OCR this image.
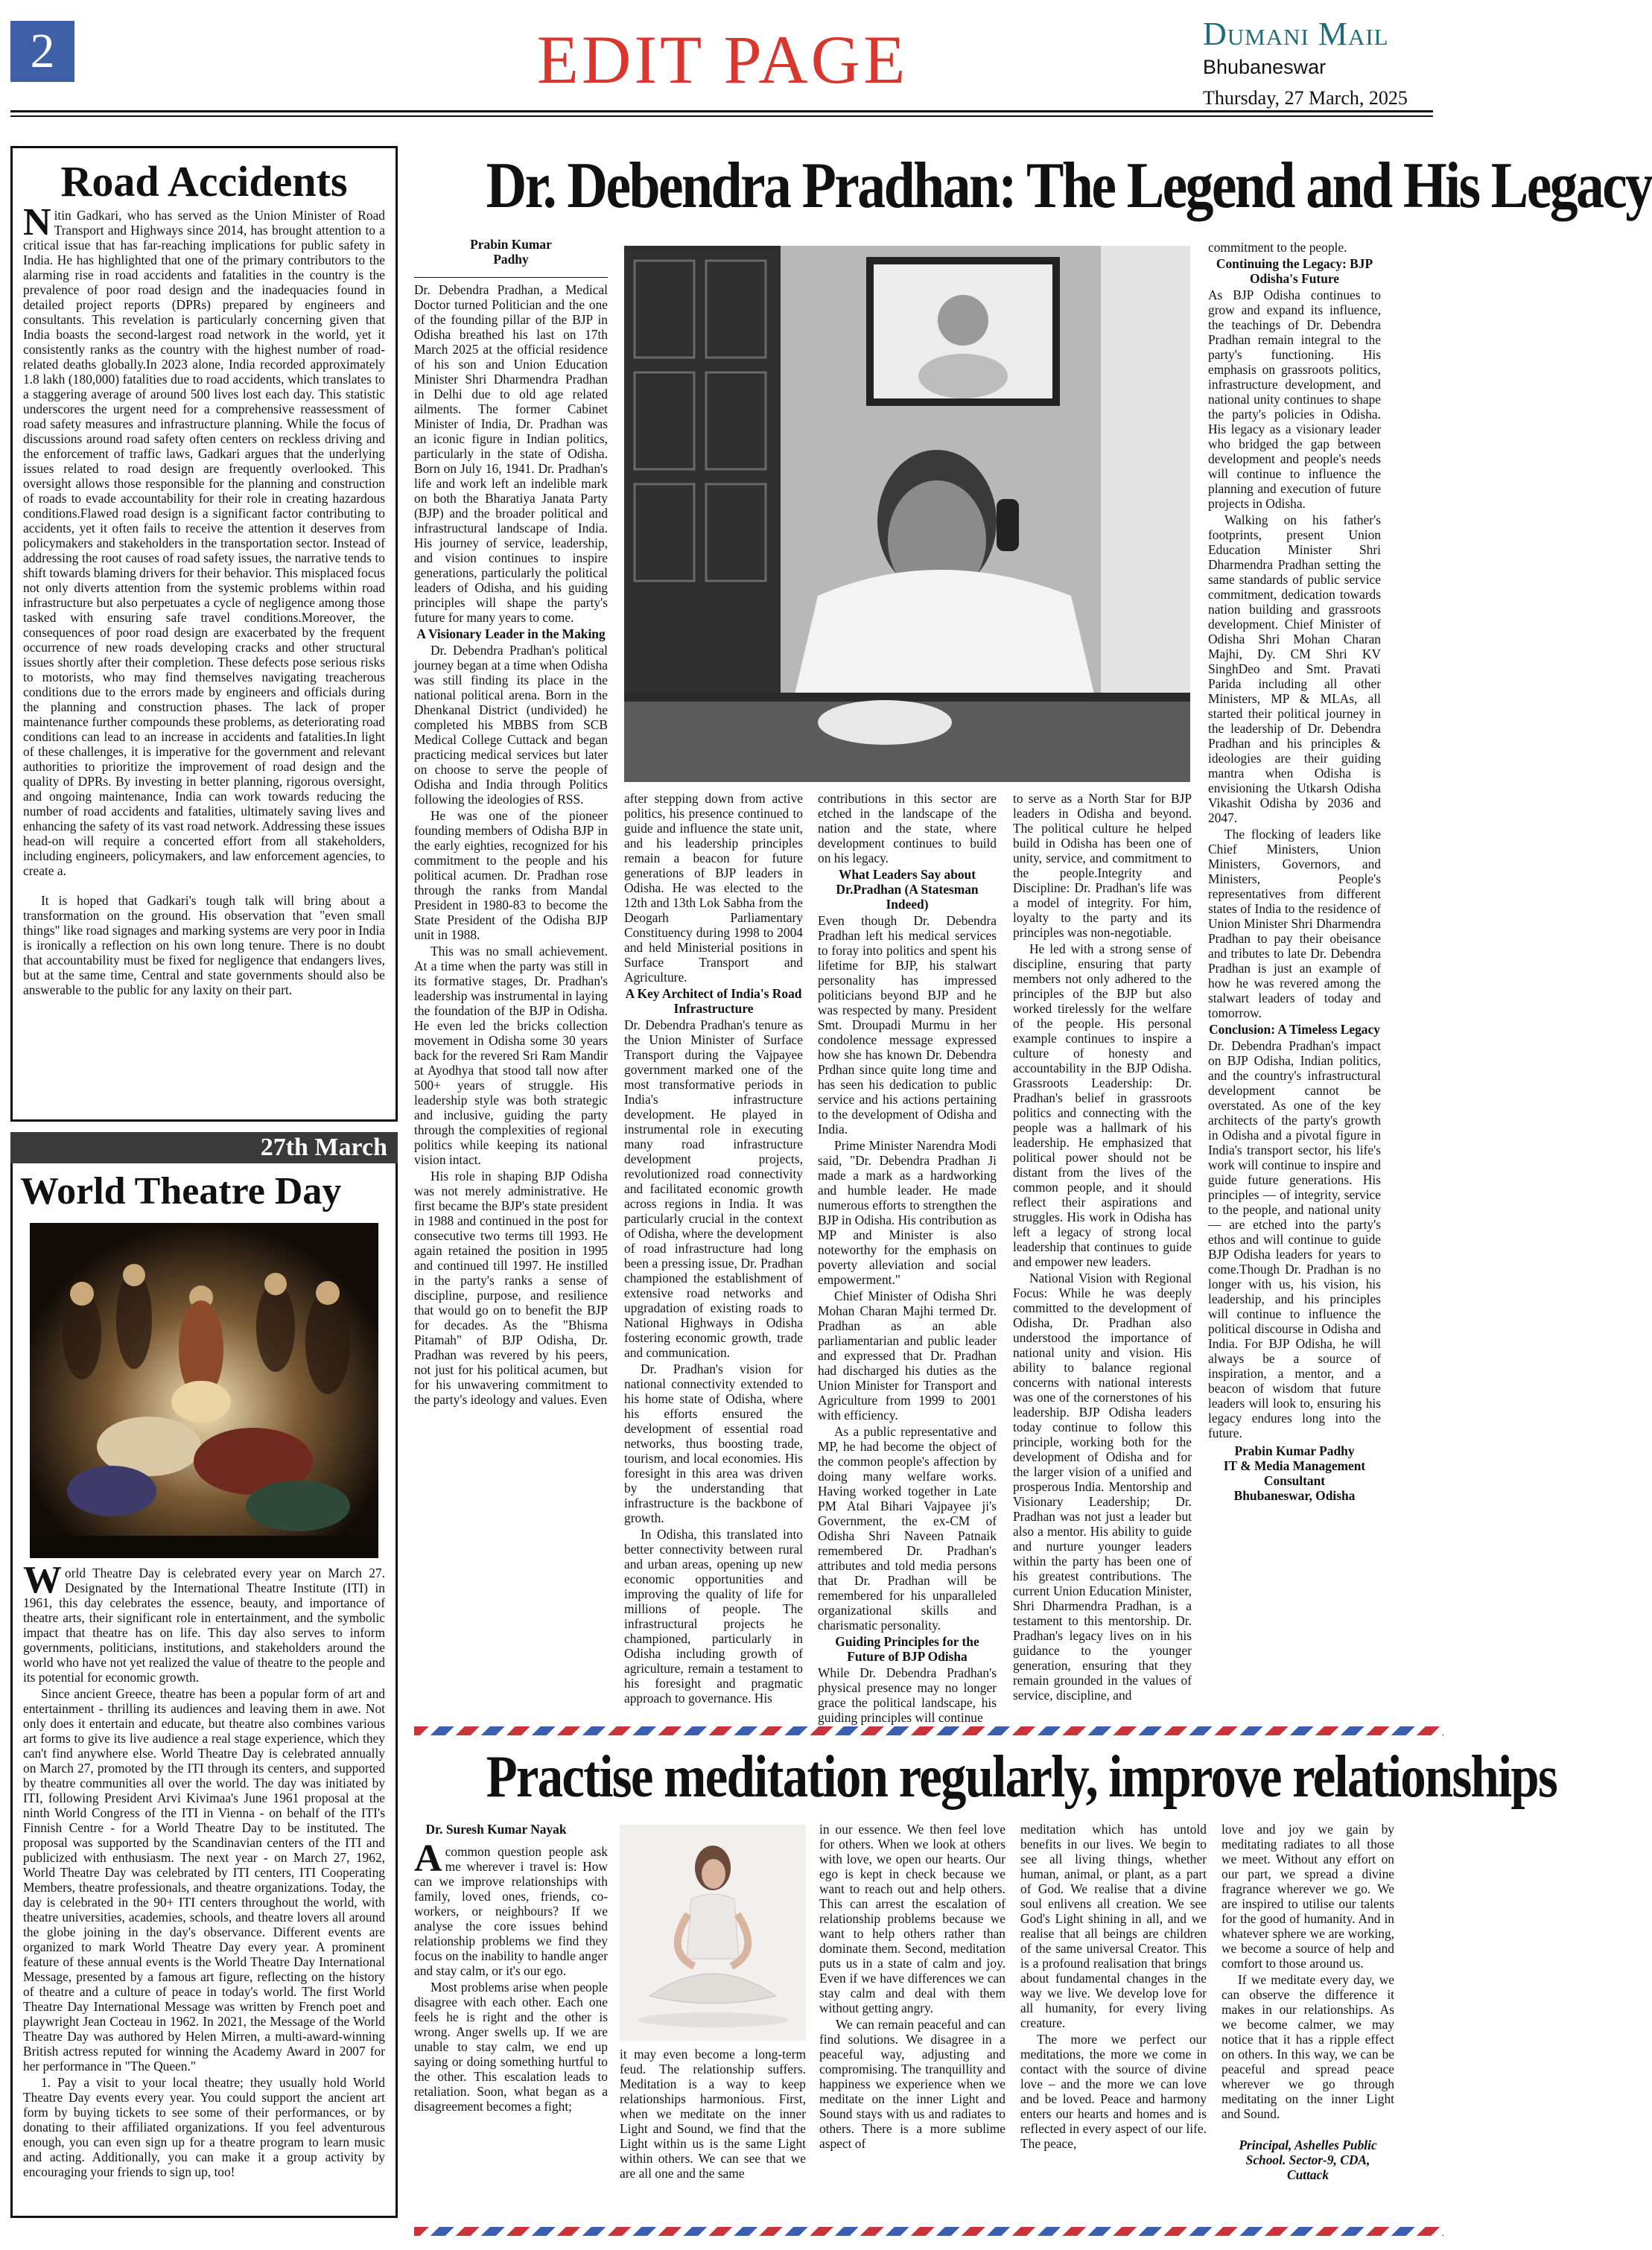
2	EDIT PAGE	Dumani Mail
Bhubaneswar
Thursday, 27 March, 2025
Road Accidents

Nitin Gadkari, who has served as the Union Minister of Road Transport and Highways since 2014, has brought attention to a critical issue that has far-reaching implications for public safety in India. He has highlighted that one of the primary contributors to the alarming rise in road accidents and fatalities in the country is the prevalence of poor road design and the inadequacies found in detailed project reports (DPRs) prepared by engineers and consultants. This revelation is particularly concerning given that India boasts the second-largest road network in the world, yet it consistently ranks as the country with the highest number of road-related deaths globally.In 2023 alone, India recorded approximately 1.8 lakh (180,000) fatalities due to road accidents, which translates to a staggering average of around 500 lives lost each day. This statistic underscores the urgent need for a comprehensive reassessment of road safety measures and infrastructure planning. While the focus of discussions around road safety often centers on reckless driving and the enforcement of traffic laws, Gadkari argues that the underlying issues related to road design are frequently overlooked. This oversight allows those responsible for the planning and construction of roads to evade accountability for their role in creating hazardous conditions.Flawed road design is a significant factor contributing to accidents, yet it often fails to receive the attention it deserves from policymakers and stakeholders in the transportation sector. Instead of addressing the root causes of road safety issues, the narrative tends to shift towards blaming drivers for their behavior. This misplaced focus not only diverts attention from the systemic problems within road infrastructure but also perpetuates a cycle of negligence among those tasked with ensuring safe travel conditions.Moreover, the consequences of poor road design are exacerbated by the frequent occurrence of new roads developing cracks and other structural issues shortly after their completion. These defects pose serious risks to motorists, who may find themselves navigating treacherous conditions due to the errors made by engineers and officials during the planning and construction phases. The lack of proper maintenance further compounds these problems, as deteriorating road conditions can lead to an increase in accidents and fatalities.In light of these challenges, it is imperative for the government and relevant authorities to prioritize the improvement of road design and the quality of DPRs. By investing in better planning, rigorous oversight, and ongoing maintenance, India can work towards reducing the number of road accidents and fatalities, ultimately saving lives and enhancing the safety of its vast road network. Addressing these issues head-on will require a concerted effort from all stakeholders, including engineers, policymakers, and law enforcement agencies, to create a.

It is hoped that Gadkari's tough talk will bring about a transformation on the ground. His observation that "even small things" like road signages and marking systems are very poor in India is ironically a reflection on his own long tenure. There is no doubt that accountability must be fixed for negligence that endangers lives, but at the same time, Central and state governments should also be answerable to the public for any laxity on their part.

27th March
World Theatre Day

World Theatre Day is celebrated every year on March 27. Designated by the International Theatre Institute (ITI) in 1961, this day celebrates the essence, beauty, and importance of theatre arts, their significant role in entertainment, and the symbolic impact that theatre has on life. This day also serves to inform governments, politicians, institutions, and stakeholders around the world who have not yet realized the value of theatre to the people and its potential for economic growth.

Since ancient Greece, theatre has been a popular form of art and entertainment - thrilling its audiences and leaving them in awe. Not only does it entertain and educate, but theatre also combines various art forms to give its live audience a real stage experience, which they can't find anywhere else. World Theatre Day is celebrated annually on March 27, promoted by the ITI through its centers, and supported by theatre communities all over the world. The day was initiated by ITI, following President Arvi Kivimaa's June 1961 proposal at the ninth World Congress of the ITI in Vienna - on behalf of the ITI's Finnish Centre - for a World Theatre Day to be instituted. The proposal was supported by the Scandinavian centers of the ITI and publicized with enthusiasm. The next year - on March 27, 1962, World Theatre Day was celebrated by ITI centers, ITI Cooperating Members, theatre professionals, and theatre organizations. Today, the day is celebrated in the 90+ ITI centers throughout the world, with theatre universities, academies, schools, and theatre lovers all around the globe joining in the day's observance. Different events are organized to mark World Theatre Day every year. A prominent feature of these annual events is the World Theatre Day International Message, presented by a famous art figure, reflecting on the history of theatre and a culture of peace in today's world. The first World Theatre Day International Message was written by French poet and playwright Jean Cocteau in 1962. In 2021, the Message of the World Theatre Day was authored by Helen Mirren, a multi-award-winning British actress reputed for winning the Academy Award in 2007 for her performance in "The Queen."

1. Pay a visit to your local theatre; they usually hold World Theatre Day events every year. You could support the ancient art form by buying tickets to see some of their performances, or by donating to their affiliated organizations. If you feel adventurous enough, you can even sign up for a theatre program to learn music and acting. Additionally, you can make it a group activity by encouraging your friends to sign up, too!

Dr. Debendra Pradhan: The Legend and His Legacy
Prabin Kumar
Padhy

Dr. Debendra Pradhan, a Medical Doctor turned Politician and the one of the founding pillar of the BJP in Odisha breathed his last on 17th March 2025 at the official residence of his son and Union Education Minister Shri Dharmendra Pradhan in Delhi due to old age related ailments. The former Cabinet Minister of India, Dr. Pradhan was an iconic figure in Indian politics, particularly in the state of Odisha. Born on July 16, 1941. Dr. Pradhan's life and work left an indelible mark on both the Bharatiya Janata Party (BJP) and the broader political and infrastructural landscape of India. His journey of service, leadership, and vision continues to inspire generations, particularly the political leaders of Odisha, and his guiding principles will shape the party's future for many years to come.

A Visionary Leader in the Making

Dr. Debendra Pradhan's political journey began at a time when Odisha was still finding its place in the national political arena. Born in the Dhenkanal District (undivided) he completed his MBBS from SCB Medical College Cuttack and began practicing medical services but later on choose to serve the people of Odisha and India through Politics following the ideologies of RSS.

He was one of the pioneer founding members of Odisha BJP in the early eighties, recognized for his commitment to the people and his political acumen. Dr. Pradhan rose through the ranks from Mandal President in 1980-83 to become the State President of the Odisha BJP unit in 1988.

This was no small achievement. At a time when the party was still in its formative stages, Dr. Pradhan's leadership was instrumental in laying the foundation of the BJP in Odisha. He even led the bricks collection movement in Odisha some 30 years back for the revered Sri Ram Mandir at Ayodhya that stood tall now after 500+ years of struggle. His leadership style was both strategic and inclusive, guiding the party through the complexities of regional politics while keeping its national vision intact.

His role in shaping BJP Odisha was not merely administrative. He first became the BJP's state president in 1988 and continued in the post for consecutive two terms till 1993. He again retained the position in 1995 and continued till 1997. He instilled in the party's ranks a sense of discipline, purpose, and resilience that would go on to benefit the BJP for decades. As the "Bhisma Pitamah" of BJP Odisha, Dr. Pradhan was revered by his peers, not just for his political acumen, but for his unwavering commitment to the party's ideology and values. Even

after stepping down from active politics, his presence continued to guide and influence the state unit, and his leadership principles remain a beacon for future generations of BJP leaders in Odisha. He was elected to the 12th and 13th Lok Sabha from the Deogarh Parliamentary Constituency during 1998 to 2004 and held Ministerial positions in Surface Transport and Agriculture.

A Key Architect of India's Road Infrastructure

Dr. Debendra Pradhan's tenure as the Union Minister of Surface Transport during the Vajpayee government marked one of the most transformative periods in India's infrastructure development. He played in instrumental role in executing many road infrastructure development projects, revolutionized road connectivity and facilitated economic growth across regions in India. It was particularly crucial in the context of Odisha, where the development of road infrastructure had long been a pressing issue, Dr. Pradhan championed the establishment of extensive road networks and upgradation of existing roads to National Highways in Odisha fostering economic growth, trade and communication.

Dr. Pradhan's vision for national connectivity extended to his home state of Odisha, where his efforts ensured the development of essential road networks, thus boosting trade, tourism, and local economies. His foresight in this area was driven by the understanding that infrastructure is the backbone of growth.

In Odisha, this translated into better connectivity between rural and urban areas, opening up new economic opportunities and improving the quality of life for millions of people. The infrastructural projects he championed, particularly in Odisha including growth of agriculture, remain a testament to his foresight and pragmatic approach to governance. His

contributions in this sector are etched in the landscape of the nation and the state, where development continues to build on his legacy.

What Leaders Say about Dr.Pradhan (A Statesman Indeed)

Even though Dr. Debendra Pradhan left his medical services to foray into politics and spent his lifetime for BJP, his stalwart personality has impressed politicians beyond BJP and he was respected by many. President Smt. Droupadi Murmu in her condolence message expressed how she has known Dr. Debendra Prdhan since quite long time and has seen his dedication to public service and his actions pertaining to the development of Odisha and India.

Prime Minister Narendra Modi said, "Dr. Debendra Pradhan Ji made a mark as a hardworking and humble leader. He made numerous efforts to strengthen the BJP in Odisha. His contribution as MP and Minister is also noteworthy for the emphasis on poverty alleviation and social empowerment."

Chief Minister of Odisha Shri Mohan Charan Majhi termed Dr. Pradhan as an able parliamentarian and public leader and expressed that Dr. Pradhan had discharged his duties as the Union Minister for Transport and Agriculture from 1999 to 2001 with efficiency.

As a public representative and MP, he had become the object of the common people's affection by doing many welfare works. Having worked together in Late PM Atal Bihari Vajpayee ji's Government, the ex-CM of Odisha Shri Naveen Patnaik remembered Dr. Pradhan's attributes and told media persons that Dr. Pradhan will be remembered for his unparalleled organizational skills and charismatic personality.

Guiding Principles for the Future of BJP Odisha

While Dr. Debendra Pradhan's physical presence may no longer grace the political landscape, his guiding principles will continue

to serve as a North Star for BJP leaders in Odisha and beyond. The political culture he helped build in Odisha has been one of unity, service, and commitment to the people.Integrity and Discipline: Dr. Pradhan's life was a model of integrity. For him, loyalty to the party and its principles was non-negotiable.

He led with a strong sense of discipline, ensuring that party members not only adhered to the principles of the BJP but also worked tirelessly for the welfare of the people. His personal example continues to inspire a culture of honesty and accountability in the BJP Odisha. Grassroots Leadership: Dr. Pradhan's belief in grassroots politics and connecting with the people was a hallmark of his leadership. He emphasized that political power should not be distant from the lives of the common people, and it should reflect their aspirations and struggles. His work in Odisha has left a legacy of strong local leadership that continues to guide and empower new leaders.

National Vision with Regional Focus: While he was deeply committed to the development of Odisha, Dr. Pradhan also understood the importance of national unity and vision. His ability to balance regional concerns with national interests was one of the cornerstones of his leadership. BJP Odisha leaders today continue to follow this principle, working both for the development of Odisha and for the larger vision of a unified and prosperous India. Mentorship and Visionary Leadership; Dr. Pradhan was not just a leader but also a mentor. His ability to guide and nurture younger leaders within the party has been one of his greatest contributions. The current Union Education Minister, Shri Dharmendra Pradhan, is a testament to this mentorship. Dr. Pradhan's legacy lives on in his guidance to the younger generation, ensuring that they remain grounded in the values of service, discipline, and

commitment to the people.

Continuing the Legacy: BJP Odisha's Future

As BJP Odisha continues to grow and expand its influence, the teachings of Dr. Debendra Pradhan remain integral to the party's functioning. His emphasis on grassroots politics, infrastructure development, and national unity continues to shape the party's policies in Odisha. His legacy as a visionary leader who bridged the gap between development and people's needs will continue to influence the planning and execution of future projects in Odisha.

Walking on his father's footprints, present Union Education Minister Shri Dharmendra Pradhan setting the same standards of public service commitment, dedication towards nation building and grassroots development. Chief Minister of Odisha Shri Mohan Charan Majhi, Dy. CM Shri KV SinghDeo and Smt. Pravati Parida including all other Ministers, MP & MLAs, all started their political journey in the leadership of Dr. Debendra Pradhan and his principles & ideologies are their guiding mantra when Odisha is envisioning the Utkarsh Odisha Vikashit Odisha by 2036 and 2047.

The flocking of leaders like Chief Ministers, Union Ministers, Governors, and Ministers, People's representatives from different states of India to the residence of Union Minister Shri Dharmendra Pradhan to pay their obeisance and tributes to late Dr. Debendra Pradhan is just an example of how he was revered among the stalwart leaders of today and tomorrow.

Conclusion: A Timeless Legacy

Dr. Debendra Pradhan's impact on BJP Odisha, Indian politics, and the country's infrastructural development cannot be overstated. As one of the key architects of the party's growth in Odisha and a pivotal figure in India's transport sector, his life's work will continue to inspire and guide future generations. His principles — of integrity, service to the people, and national unity — are etched into the party's ethos and will continue to guide BJP Odisha leaders for years to come.Though Dr. Pradhan is no longer with us, his vision, his leadership, and his principles will continue to influence the political discourse in Odisha and India. For BJP Odisha, he will always be a source of inspiration, a mentor, and a beacon of wisdom that future leaders will look to, ensuring his legacy endures long into the future.

Prabin Kumar Padhy
IT & Media Management Consultant
Bhubaneswar, Odisha
Practise meditation regularly, improve relationships
Dr. Suresh Kumar Nayak

Acommon question people ask me wherever i travel is: How can we improve relationships with family, loved ones, friends, co-workers, or neighbours? If we analyse the core issues behind relationship problems we find they focus on the inability to handle anger and stay calm, or it's our ego.

Most problems arise when people disagree with each other. Each one feels he is right and the other is wrong. Anger swells up. If we are unable to stay calm, we end up saying or doing something hurtful to the other. This escalation leads to retaliation. Soon, what began as a disagreement becomes a fight;

it may even become a long-term feud. The relationship suffers. Meditation is a way to keep relationships harmonious. First, when we meditate on the inner Light and Sound, we find that the Light within us is the same Light within others. We can see that we are all one and the same

in our essence. We then feel love for others. When we look at others with love, we open our hearts. Our ego is kept in check because we want to reach out and help others. This can arrest the escalation of relationship problems because we want to help others rather than dominate them. Second, meditation puts us in a state of calm and joy. Even if we have differences we can stay calm and deal with them without getting angry.

We can remain peaceful and can find solutions. We disagree in a peaceful way, adjusting and compromising. The tranquillity and happiness we experience when we meditate on the inner Light and Sound stays with us and radiates to others. There is a more sublime aspect of

meditation which has untold benefits in our lives. We begin to see all living things, whether human, animal, or plant, as a part of God. We realise that a divine soul enlivens all creation. We see God's Light shining in all, and we realise that all beings are children of the same universal Creator. This is a profound realisation that brings about fundamental changes in the way we live. We develop love for all humanity, for every living creature.

The more we perfect our meditations, the more we come in contact with the source of divine love – and the more we can love and be loved. Peace and harmony enters our hearts and homes and is reflected in every aspect of our life. The peace,

love and joy we gain by meditating radiates to all those we meet. Without any effort on our part, we spread a divine fragrance wherever we go. We are inspired to utilise our talents for the good of humanity. And in whatever sphere we are working, we become a source of help and comfort to those around us.

If we meditate every day, we can observe the difference it makes in our relationships. As we become calmer, we may notice that it has a ripple effect on others. In this way, we can be peaceful and spread peace wherever we go through meditating on the inner Light and Sound.

Principal, Ashelles Public School. Sector-9, CDA, Cuttack
